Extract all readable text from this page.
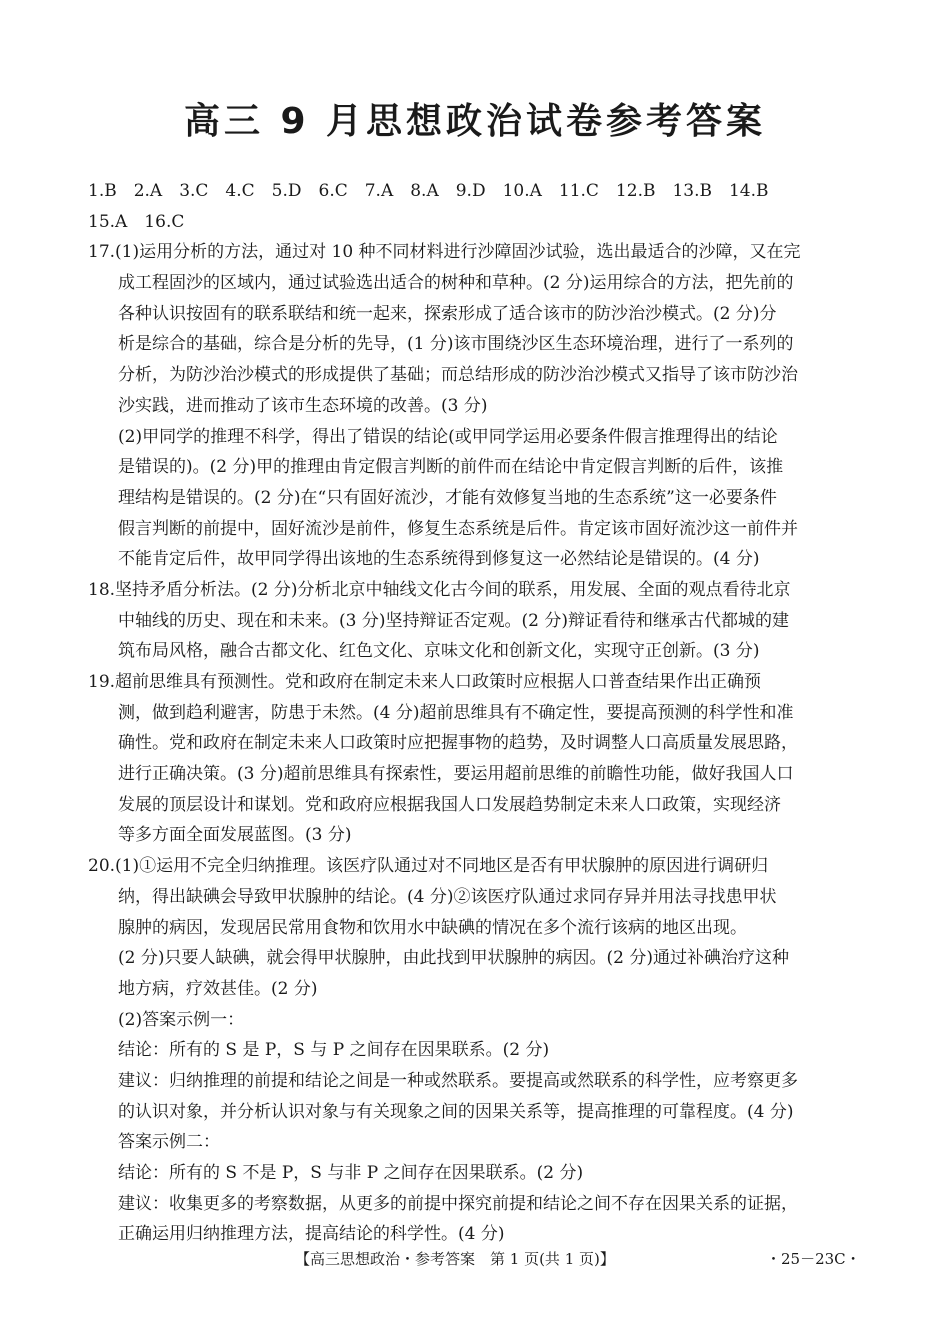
高三 9 月思想政治试卷参考答案
1.B　2.A　3.C　4.C　5.D　6.C　7.A　8.A　9.D　10.A　11.C　12.B　13.B　14.B
15.A　16.C
17.(1)运用分析的方法，通过对 10 种不同材料进行沙障固沙试验，选出最适合的沙障，又在完
成工程固沙的区域内，通过试验选出适合的树种和草种。(2 分)运用综合的方法，把先前的
各种认识按固有的联系联结和统一起来，探索形成了适合该市的防沙治沙模式。(2 分)分
析是综合的基础，综合是分析的先导，(1 分)该市围绕沙区生态环境治理，进行了一系列的
分析，为防沙治沙模式的形成提供了基础；而总结形成的防沙治沙模式又指导了该市防沙治
沙实践，进而推动了该市生态环境的改善。(3 分)
(2)甲同学的推理不科学，得出了错误的结论(或甲同学运用必要条件假言推理得出的结论
是错误的)。(2 分)甲的推理由肯定假言判断的前件而在结论中肯定假言判断的后件，该推
理结构是错误的。(2 分)在“只有固好流沙，才能有效修复当地的生态系统”这一必要条件
假言判断的前提中，固好流沙是前件，修复生态系统是后件。肯定该市固好流沙这一前件并
不能肯定后件，故甲同学得出该地的生态系统得到修复这一必然结论是错误的。(4 分)
18.坚持矛盾分析法。(2 分)分析北京中轴线文化古今间的联系，用发展、全面的观点看待北京
中轴线的历史、现在和未来。(3 分)坚持辩证否定观。(2 分)辩证看待和继承古代都城的建
筑布局风格，融合古都文化、红色文化、京味文化和创新文化，实现守正创新。(3 分)
19.超前思维具有预测性。党和政府在制定未来人口政策时应根据人口普查结果作出正确预
测，做到趋利避害，防患于未然。(4 分)超前思维具有不确定性，要提高预测的科学性和准
确性。党和政府在制定未来人口政策时应把握事物的趋势，及时调整人口高质量发展思路，
进行正确决策。(3 分)超前思维具有探索性，要运用超前思维的前瞻性功能，做好我国人口
发展的顶层设计和谋划。党和政府应根据我国人口发展趋势制定未来人口政策，实现经济
等多方面全面发展蓝图。(3 分)
20.(1)①运用不完全归纳推理。该医疗队通过对不同地区是否有甲状腺肿的原因进行调研归
纳，得出缺碘会导致甲状腺肿的结论。(4 分)②该医疗队通过求同存异并用法寻找患甲状
腺肿的病因，发现居民常用食物和饮用水中缺碘的情况在多个流行该病的地区出现。
(2 分)只要人缺碘，就会得甲状腺肿，由此找到甲状腺肿的病因。(2 分)通过补碘治疗这种
地方病，疗效甚佳。(2 分)
(2)答案示例一：
结论：所有的 S 是 P，S 与 P 之间存在因果联系。(2 分)
建议：归纳推理的前提和结论之间是一种或然联系。要提高或然联系的科学性，应考察更多
的认识对象，并分析认识对象与有关现象之间的因果关系等，提高推理的可靠程度。(4 分)
答案示例二：
结论：所有的 S 不是 P，S 与非 P 之间存在因果联系。(2 分)
建议：收集更多的考察数据，从更多的前提中探究前提和结论之间不存在因果关系的证据，
正确运用归纳推理方法，提高结论的科学性。(4 分)
【高三思想政治・参考答案　第 1 页(共 1 页)】	・25－23C・
